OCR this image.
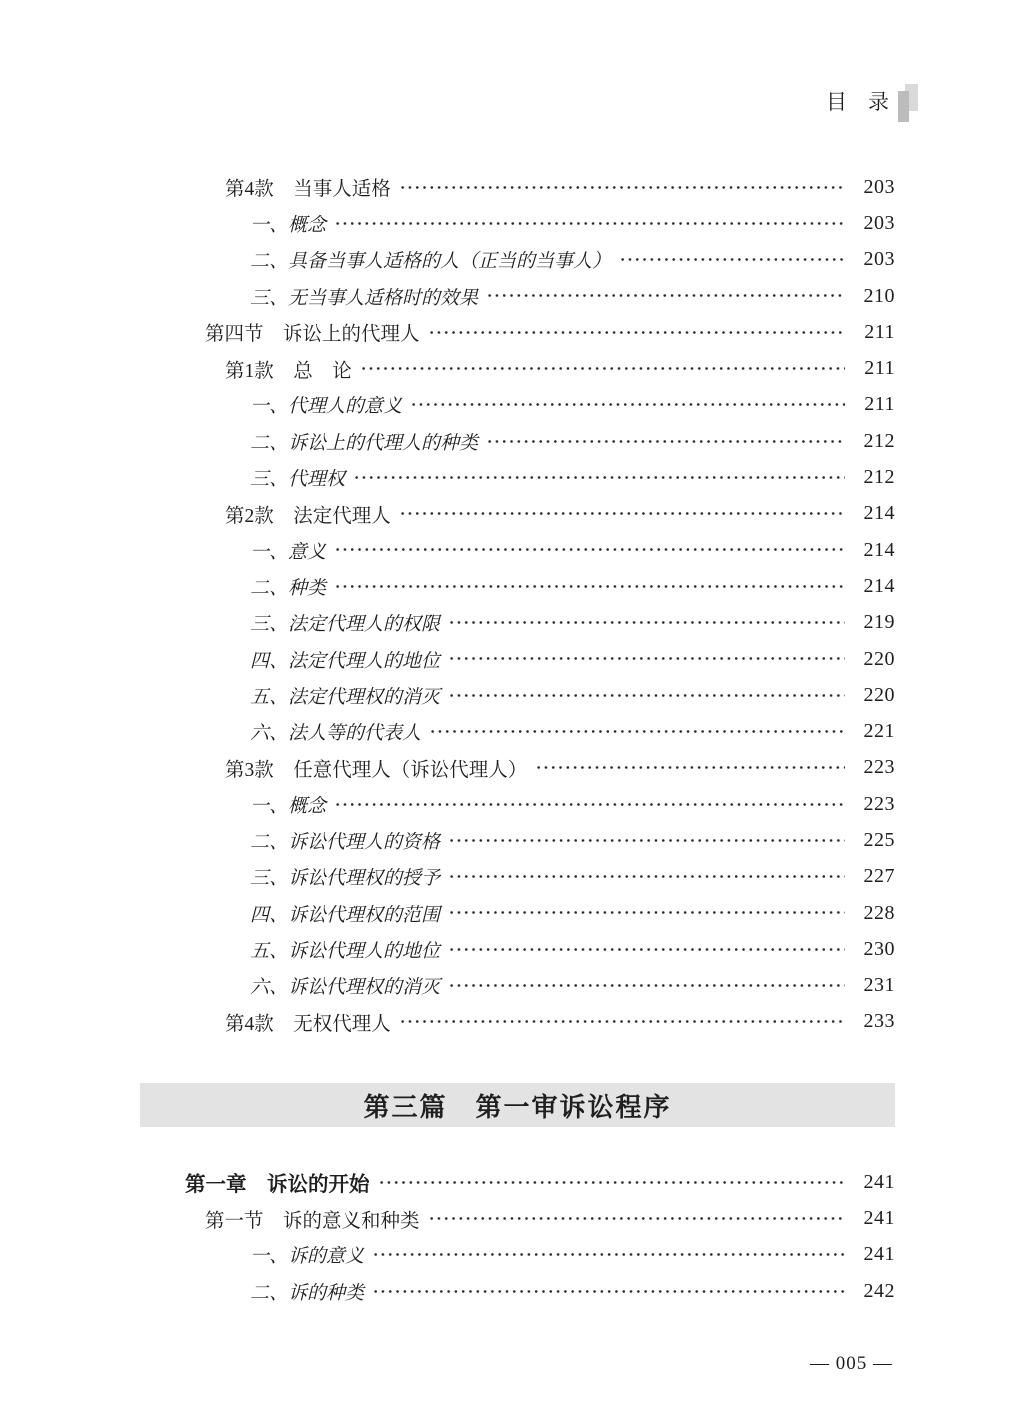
目　录
第4款　当事人适格	203
一、概念	203
二、具备当事人适格的人（正当的当事人）	203
三、无当事人适格时的效果	210
第四节　诉讼上的代理人	211
第1款　总　论	211
一、代理人的意义	211
二、诉讼上的代理人的种类	212
三、代理权	212
第2款　法定代理人	214
一、意义	214
二、种类	214
三、法定代理人的权限	219
四、法定代理人的地位	220
五、法定代理权的消灭	220
六、法人等的代表人	221
第3款　任意代理人（诉讼代理人）	223
一、概念	223
二、诉讼代理人的资格	225
三、诉讼代理权的授予	227
四、诉讼代理权的范围	228
五、诉讼代理人的地位	230
六、诉讼代理权的消灭	231
第4款　无权代理人	233
第三篇　第一审诉讼程序
第一章　诉讼的开始	241
第一节　诉的意义和种类	241
一、诉的意义	241
二、诉的种类	242

— 005 —
